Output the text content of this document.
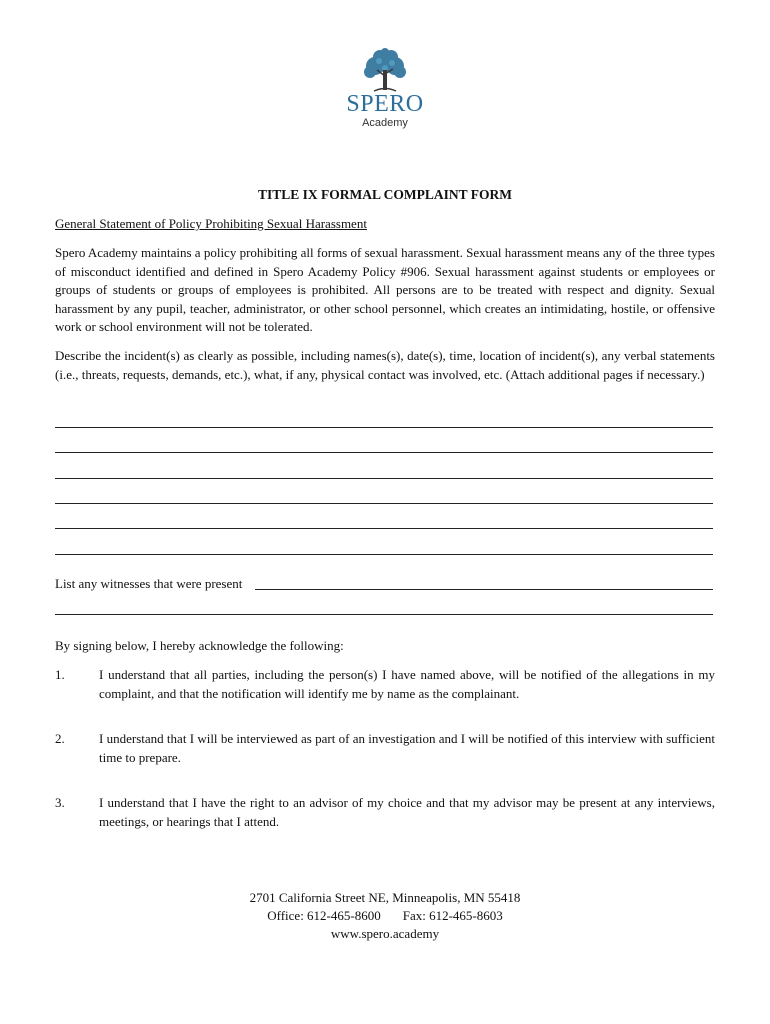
SPERO
Academy
TITLE IX FORMAL COMPLAINT FORM
General Statement of Policy Prohibiting Sexual Harassment

Spero Academy maintains a policy prohibiting all forms of sexual harassment. Sexual harassment means any of the three types of misconduct identified and defined in Spero Academy Policy #906. Sexual harassment against students or employees or groups of students or groups of employees is prohibited. All persons are to be treated with respect and dignity. Sexual harassment by any pupil, teacher, administrator, or other school personnel, which creates an intimidating, hostile, or offensive work or school environment will not be tolerated.

Describe the incident(s) as clearly as possible, including names(s), date(s), time, location of incident(s), any verbal statements (i.e., threats, requests, demands, etc.), what, if any, physical contact was involved, etc. (Attach additional pages if necessary.)

List any witnesses that were present
By signing below, I hereby acknowledge the following:
1.	I understand that all parties, including the person(s) I have named above, will be notified of the allegations in my complaint, and that the notification will identify me by name as the complainant.
2.	I understand that I will be interviewed as part of an investigation and I will be notified of this interview with sufficient time to prepare.
3.	I understand that I have the right to an advisor of my choice and that my advisor may be present at any interviews, meetings, or hearings that I attend.
2701 California Street NE, Minneapolis, MN 55418
Office: 612-465-8600 Fax: 612-465-8603
www.spero.academy
